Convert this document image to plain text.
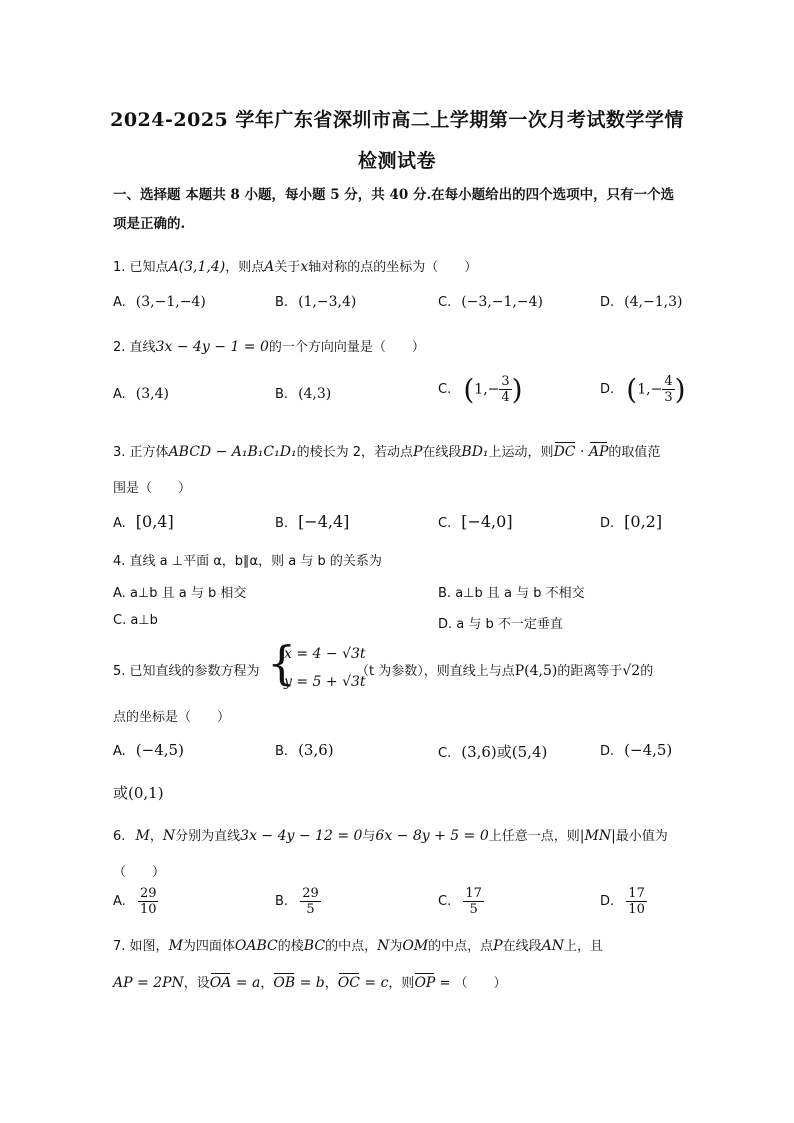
2024-2025 学年广东省深圳市高二上学期第一次月考试数学学情
检测试卷
一、选择题 本题共 8 小题，每小题 5 分，共 40 分.在每小题给出的四个选项中，只有一个选
项是正确的.
1. 已知点A(3,1,4)，则点A关于x轴对称的点的坐标为（　　）
A. (3,−1,−4)	B. (1,−3,4)	C. (−3,−1,−4)	D. (4,−1,3)
2. 直线3x − 4y − 1 = 0的一个方向向量是（　　）
A. (3,4)	B. (4,3)	C. ($1,- \frac{3}{4}$ )	D. ($1,- \frac{4}{3}$ )
3. 正方体ABCD − A₁B₁C₁D₁的棱长为 2，若动点P在线段BD₁上运动，则DC · AP的取值范
围是（　　）
A. [0,4]	B. [−4,4]	C. [−4,0]	D. [0,2]
4. 直线 a ⊥平面 α，b∥α，则 a 与 b 的关系为
A. a⊥b 且 a 与 b 相交	B. a⊥b 且 a 与 b 不相交
C. a⊥b	D. a 与 b 不一定垂直
5. 已知直线的参数方程为 {
x = 4 − √3t
y = 5 + √3t
（t 为参数），则直线上与点P(4,5)的距离等于√2的
点的坐标是（　　）
A. (−4,5)	B. (3,6)	C. (3,6)或(5,4)	D. (−4,5)
或(0,1)
6. M，N分别为直线3x − 4y − 12 = 0与6x − 8y + 5 = 0上任意一点，则|MN|最小值为
（　　）
A. $\frac{29}{10}$	B. $\frac{29}{5}$	C. $\frac{17}{5}$	D. $\frac{17}{10}$
7. 如图，M为四面体OABC的棱BC的中点，N为OM的中点，点P在线段AN上，且
AP = 2PN，设OA = a，OB = b，OC = c，则OP = （　　）
